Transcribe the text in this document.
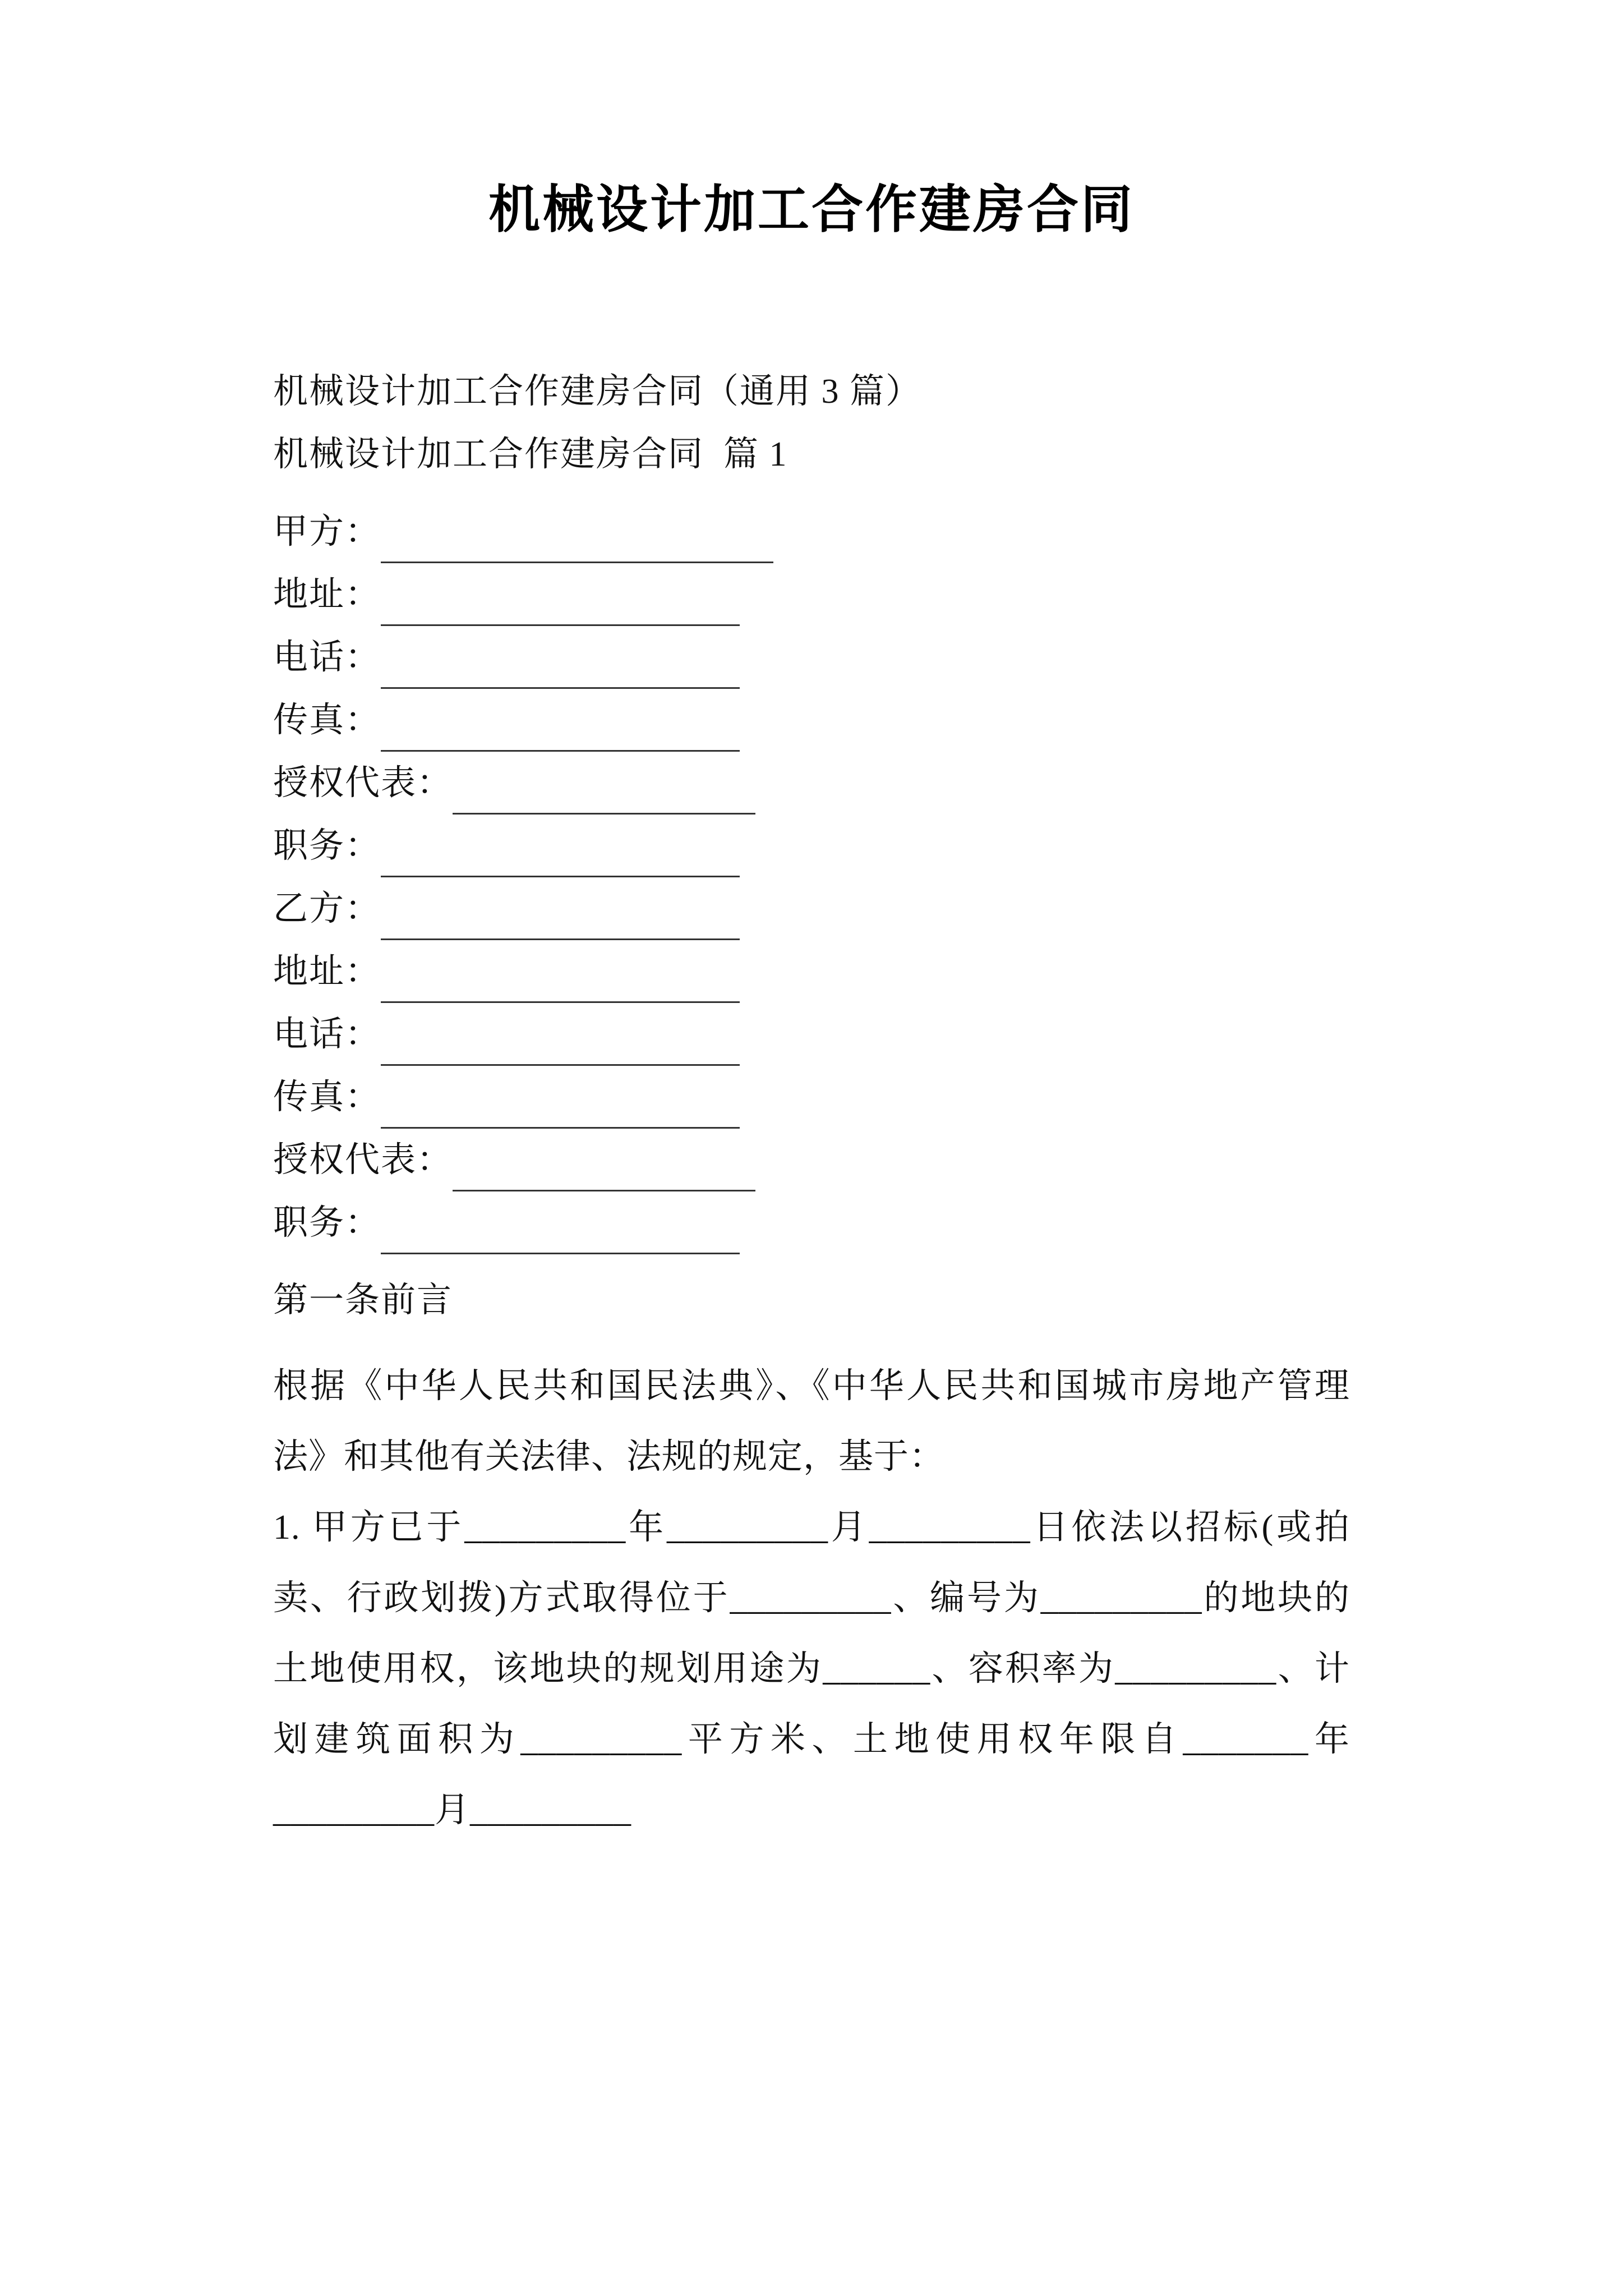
机械设计加工合作建房合同
机械设计加工合作建房合同（通用 3 篇）
机械设计加工合作建房合同  篇 1
甲方：
地址：
电话：
传真：
授权代表：
职务：
乙方：
地址：
电话：
传真：
授权代表：
职务：
第一条前言
根据《中华人民共和国民法典》、《中华人民共和国城市房地产管理法》和其他有关法律、法规的规定，基于：
1. 甲方已于_________年_________月_________日依法以招标(或拍卖、行政划拨)方式取得位于_________、编号为_________的地块的土地使用权，该地块的规划用途为______、容积率为_________、计划建筑面积为_________平方米、土地使用权年限自_______年_________月_________
